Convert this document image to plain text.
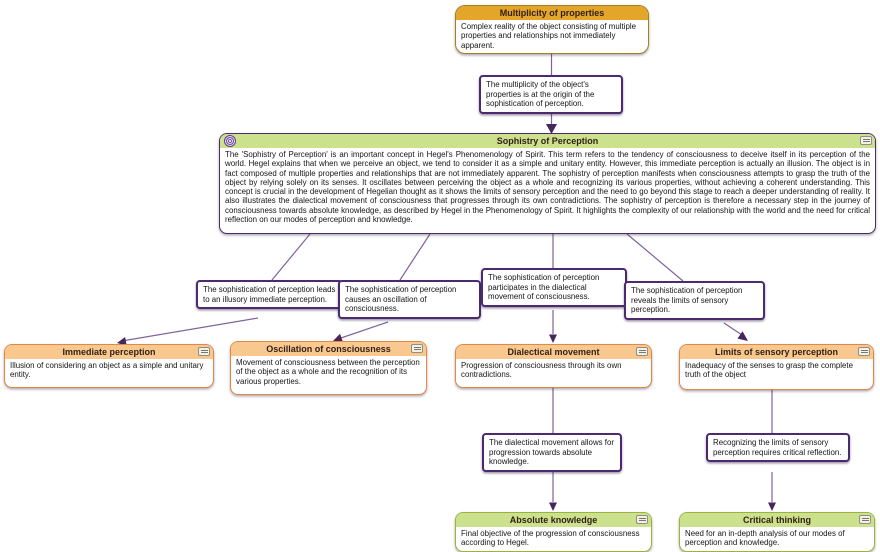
Multiplicity of properties
Complex reality of the object consisting of multiple properties and relationships not immediately apparent.
The multiplicity of the object's properties is at the origin of the sophistication of perception.
Sophistry of Perception
The 'Sophistry of Perception' is an important concept in Hegel's Phenomenology of Spirit. This term refers to the tendency of consciousness to deceive itself in its perception of the world. Hegel explains that when we perceive an object, we tend to consider it as a simple and unitary entity. However, this immediate perception is actually an illusion. The object is in fact composed of multiple properties and relationships that are not immediately apparent. The sophistry of perception manifests when consciousness attempts to grasp the truth of the object by relying solely on its senses. It oscillates between perceiving the object as a whole and recognizing its various properties, without achieving a coherent understanding. This concept is crucial in the development of Hegelian thought as it shows the limits of sensory perception and the need to go beyond this stage to reach a deeper understanding of reality. It also illustrates the dialectical movement of consciousness that progresses through its own contradictions. The sophistry of perception is therefore a necessary step in the journey of consciousness towards absolute knowledge, as described by Hegel in the Phenomenology of Spirit. It highlights the complexity of our relationship with the world and the need for critical reflection on our modes of perception and knowledge.
The sophistication of perception leads to an illusory immediate perception.
The sophistication of perception causes an oscillation of consciousness.
The sophistication of perception participates in the dialectical movement of consciousness.
The sophistication of perception reveals the limits of sensory perception.
Immediate perception
Illusion of considering an object as a simple and unitary entity.
Oscillation of consciousness
Movement of consciousness between the perception of the object as a whole and the recognition of its various properties.
Dialectical movement
Progression of consciousness through its own contradictions.
Limits of sensory perception
Inadequacy of the senses to grasp the complete truth of the object
The dialectical movement allows for progression towards absolute knowledge.
Recognizing the limits of sensory perception requires critical reflection.
Absolute knowledge
Final objective of the progression of consciousness according to Hegel.
Critical thinking
Need for an in-depth analysis of our modes of perception and knowledge.
